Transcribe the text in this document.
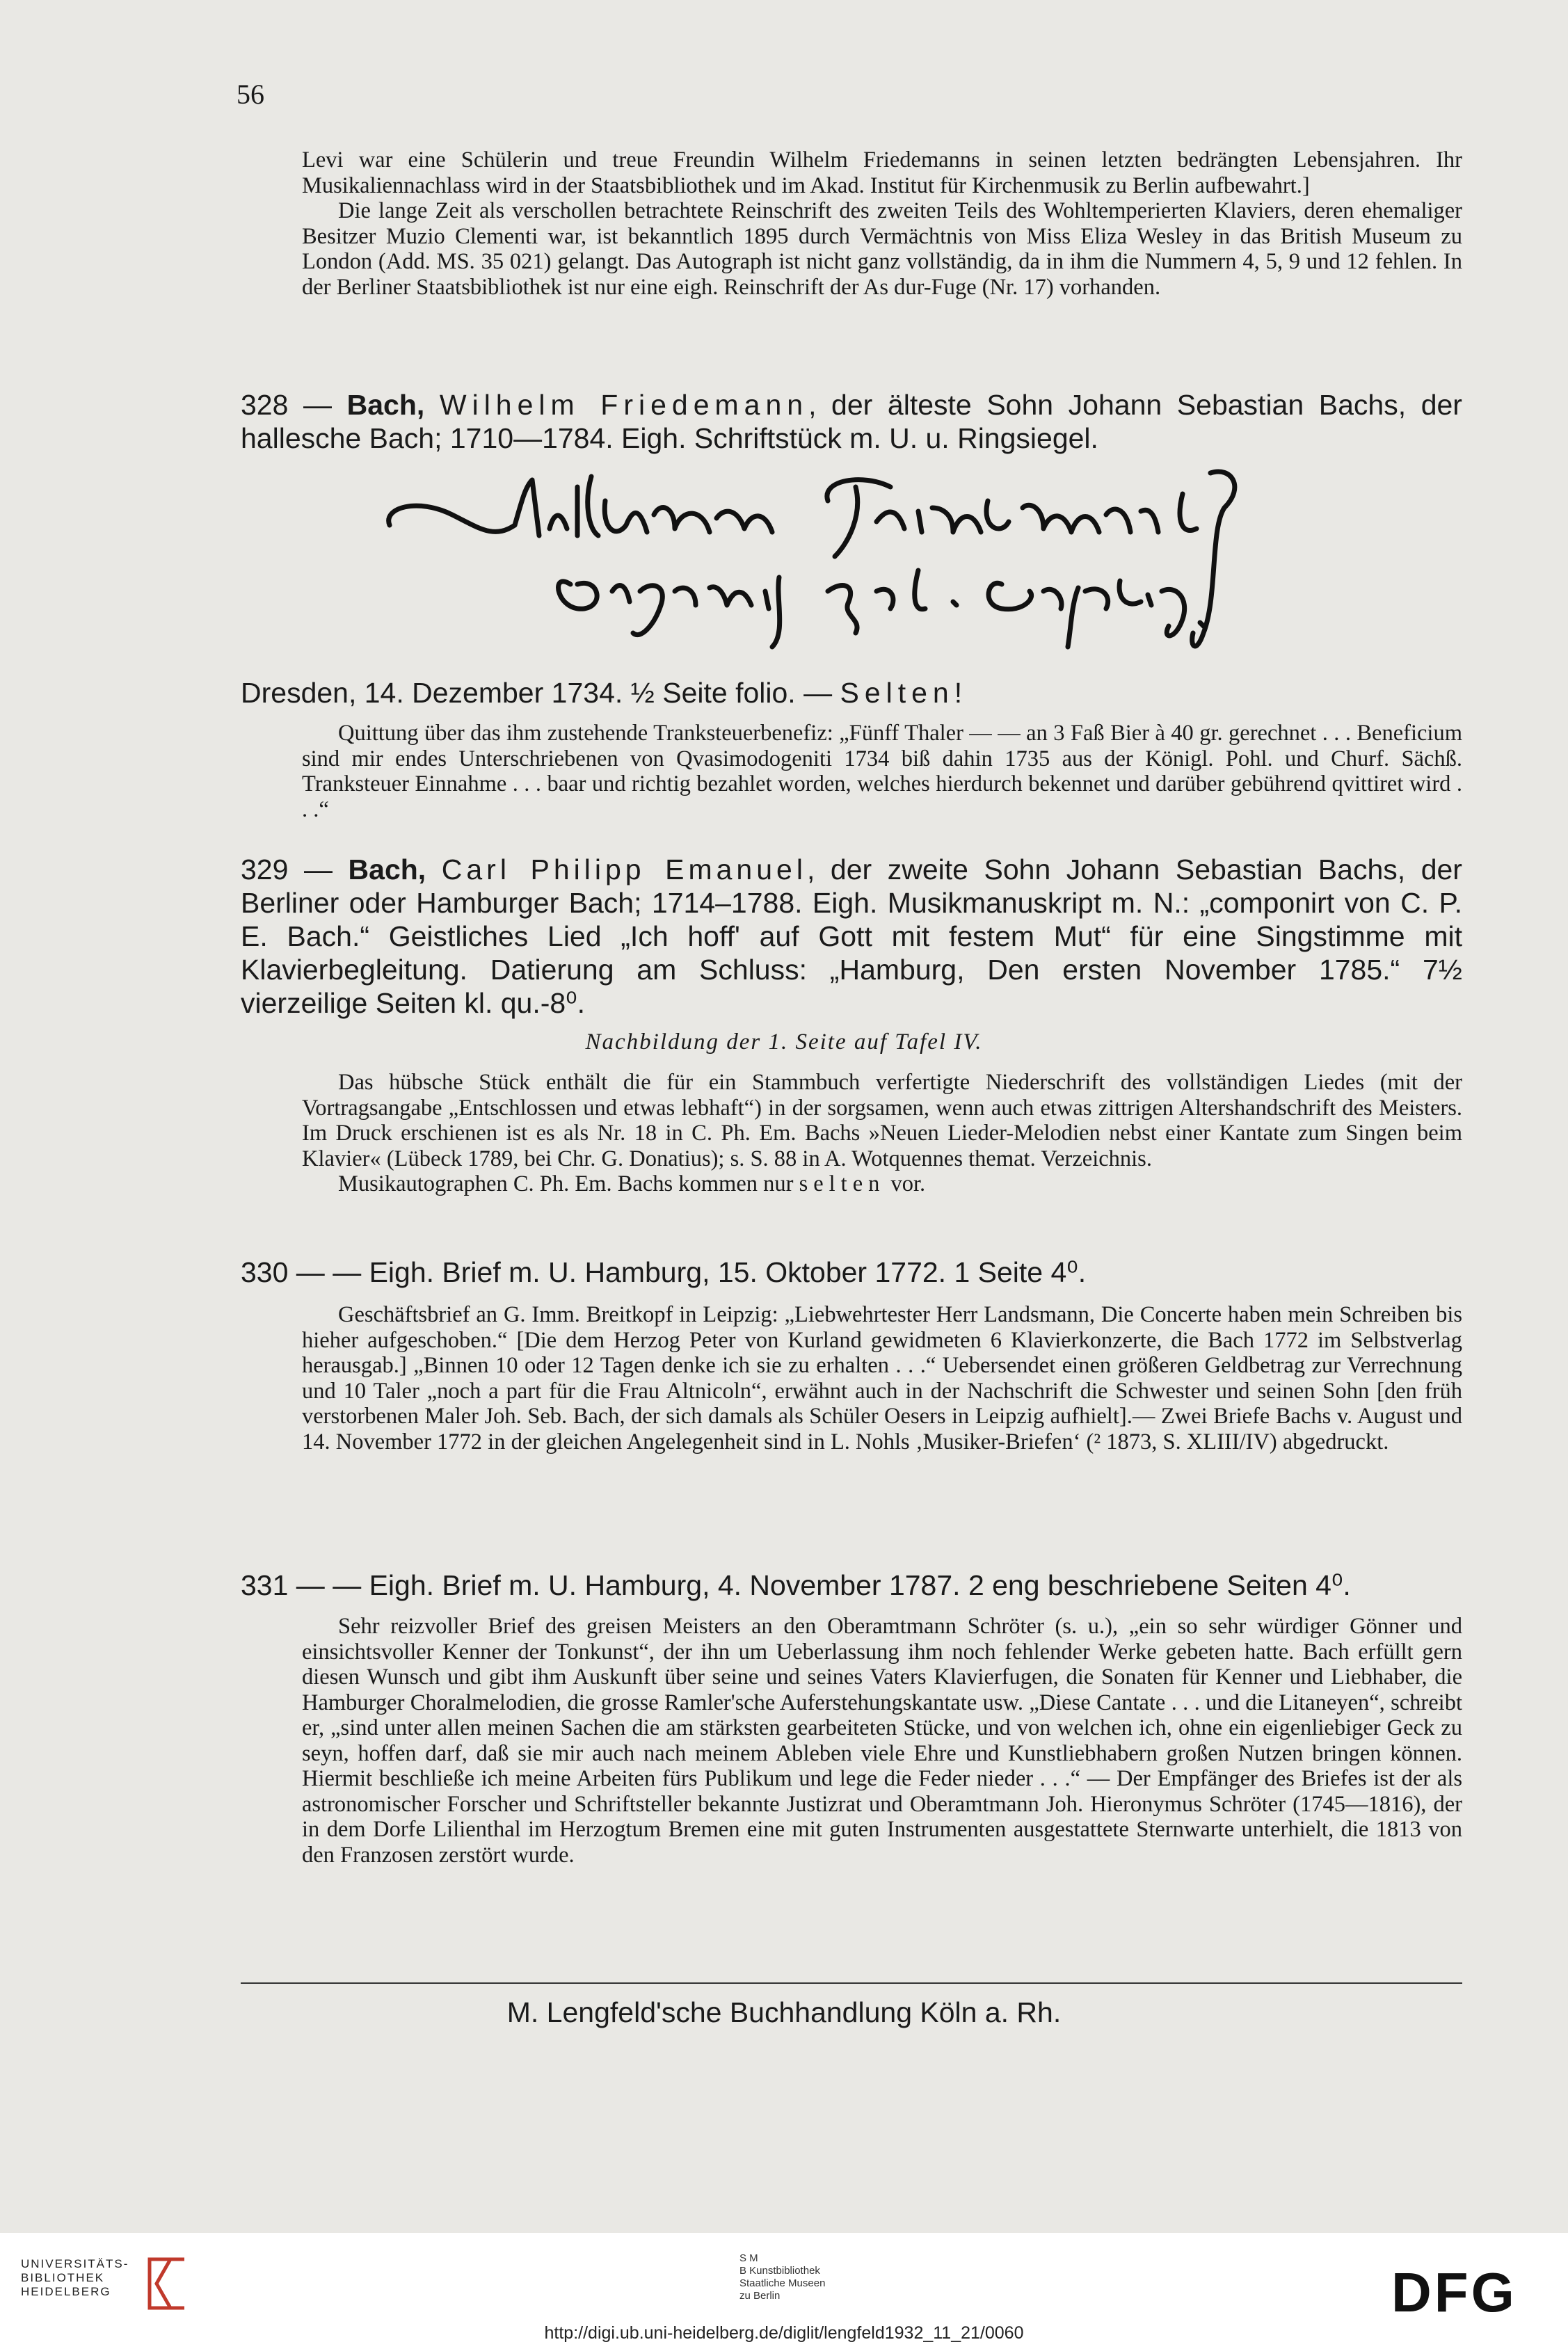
56

Levi war eine Schülerin und treue Freundin Wilhelm Friedemanns in seinen letzten bedrängten Lebensjahren. Ihr Musikaliennachlass wird in der Staatsbibliothek und im Akad. Institut für Kirchenmusik zu Berlin aufbewahrt.]

Die lange Zeit als verschollen betrachtete Reinschrift des zweiten Teils des Wohltemperierten Klaviers, deren ehemaliger Besitzer Muzio Clementi war, ist bekanntlich 1895 durch Vermächtnis von Miss Eliza Wesley in das British Museum zu London (Add. MS. 35 021) gelangt. Das Autograph ist nicht ganz vollständig, da in ihm die Nummern 4, 5, 9 und 12 fehlen. In der Berliner Staatsbibliothek ist nur eine eigh. Reinschrift der As dur-Fuge (Nr. 17) vorhanden.

328 — Bach, Wilhelm Friedemann, der älteste Sohn Johann Sebastian Bachs, der hallesche Bach; 1710—1784. Eigh. Schriftstück m. U. u. Ringsiegel.
Dresden, 14. Dezember 1734. ½ Seite folio. — Selten!

Quittung über das ihm zustehende Tranksteuerbenefiz: „Fünff Thaler — — an 3 Faß Bier à 40 gr. gerechnet . . . Beneficium sind mir endes Unterschriebenen von Qvasimodogeniti 1734 biß dahin 1735 aus der Königl. Pohl. und Churf. Sächß. Tranksteuer Einnahme . . . baar und richtig bezahlet worden, welches hierdurch bekennet und darüber gebührend qvittiret wird . . .“

329 — Bach, Carl Philipp Emanuel, der zweite Sohn Johann Sebastian Bachs, der Berliner oder Hamburger Bach; 1714–1788. Eigh. Musikmanuskript m. N.: „componirt von C. P. E. Bach.“ Geistliches Lied „Ich hoff' auf Gott mit festem Mut“ für eine Singstimme mit Klavierbegleitung. Datierung am Schluss: „Hamburg, Den ersten November 1785.“ 7½ vierzeilige Seiten kl. qu.-8⁰.
Nachbildung der 1. Seite auf Tafel IV.

Das hübsche Stück enthält die für ein Stammbuch verfertigte Niederschrift des vollständigen Liedes (mit der Vortragsangabe „Entschlossen und etwas lebhaft“) in der sorgsamen, wenn auch etwas zittrigen Altershandschrift des Meisters. Im Druck erschienen ist es als Nr. 18 in C. Ph. Em. Bachs »Neuen Lieder-Melodien nebst einer Kantate zum Singen beim Klavier« (Lübeck 1789, bei Chr. G. Donatius); s. S. 88 in A. Wotquennes themat. Verzeichnis.

Musikautographen C. Ph. Em. Bachs kommen nur selten vor.

330 — — Eigh. Brief m. U. Hamburg, 15. Oktober 1772. 1 Seite 4⁰.

Geschäftsbrief an G. Imm. Breitkopf in Leipzig: „Liebwehrtester Herr Landsmann, Die Concerte haben mein Schreiben bis hieher aufgeschoben.“ [Die dem Herzog Peter von Kurland gewidmeten 6 Klavierkonzerte, die Bach 1772 im Selbstverlag herausgab.] „Binnen 10 oder 12 Tagen denke ich sie zu erhalten . . .“ Uebersendet einen größeren Geldbetrag zur Verrechnung und 10 Taler „noch a part für die Frau Altnicoln“, erwähnt auch in der Nachschrift die Schwester und seinen Sohn [den früh verstorbenen Maler Joh. Seb. Bach, der sich damals als Schüler Oesers in Leipzig aufhielt].— Zwei Briefe Bachs v. August und 14. November 1772 in der gleichen Angelegenheit sind in L. Nohls ‚Musiker-Briefen‘ (² 1873, S. XLIII/IV) abgedruckt.

331 — — Eigh. Brief m. U. Hamburg, 4. November 1787. 2 eng beschriebene Seiten 4⁰.

Sehr reizvoller Brief des greisen Meisters an den Oberamtmann Schröter (s. u.), „ein so sehr würdiger Gönner und einsichtsvoller Kenner der Tonkunst“, der ihn um Ueberlassung ihm noch fehlender Werke gebeten hatte. Bach erfüllt gern diesen Wunsch und gibt ihm Auskunft über seine und seines Vaters Klavierfugen, die Sonaten für Kenner und Liebhaber, die Hamburger Choralmelodien, die grosse Ramler'sche Auferstehungskantate usw. „Diese Cantate . . . und die Litaneyen“, schreibt er, „sind unter allen meinen Sachen die am stärksten gearbeiteten Stücke, und von welchen ich, ohne ein eigenliebiger Geck zu seyn, hoffen darf, daß sie mir auch nach meinem Ableben viele Ehre und Kunstliebhabern großen Nutzen bringen können. Hiermit beschließe ich meine Arbeiten fürs Publikum und lege die Feder nieder . . .“ — Der Empfänger des Briefes ist der als astronomischer Forscher und Schriftsteller bekannte Justizrat und Oberamtmann Joh. Hieronymus Schröter (1745—1816), der in dem Dorfe Lilienthal im Herzogtum Bremen eine mit guten Instrumenten ausgestattete Sternwarte unterhielt, die 1813 von den Franzosen zerstört wurde.

M. Lengfeld'sche Buchhandlung Köln a. Rh.
UNIVERSITÄTS-
BIBLIOTHEK
HEIDELBERG
S M
B Kunstbibliothek
Staatliche Museen
zu Berlin	DFG
http://digi.ub.uni-heidelberg.de/diglit/lengfeld1932_11_21/0060
